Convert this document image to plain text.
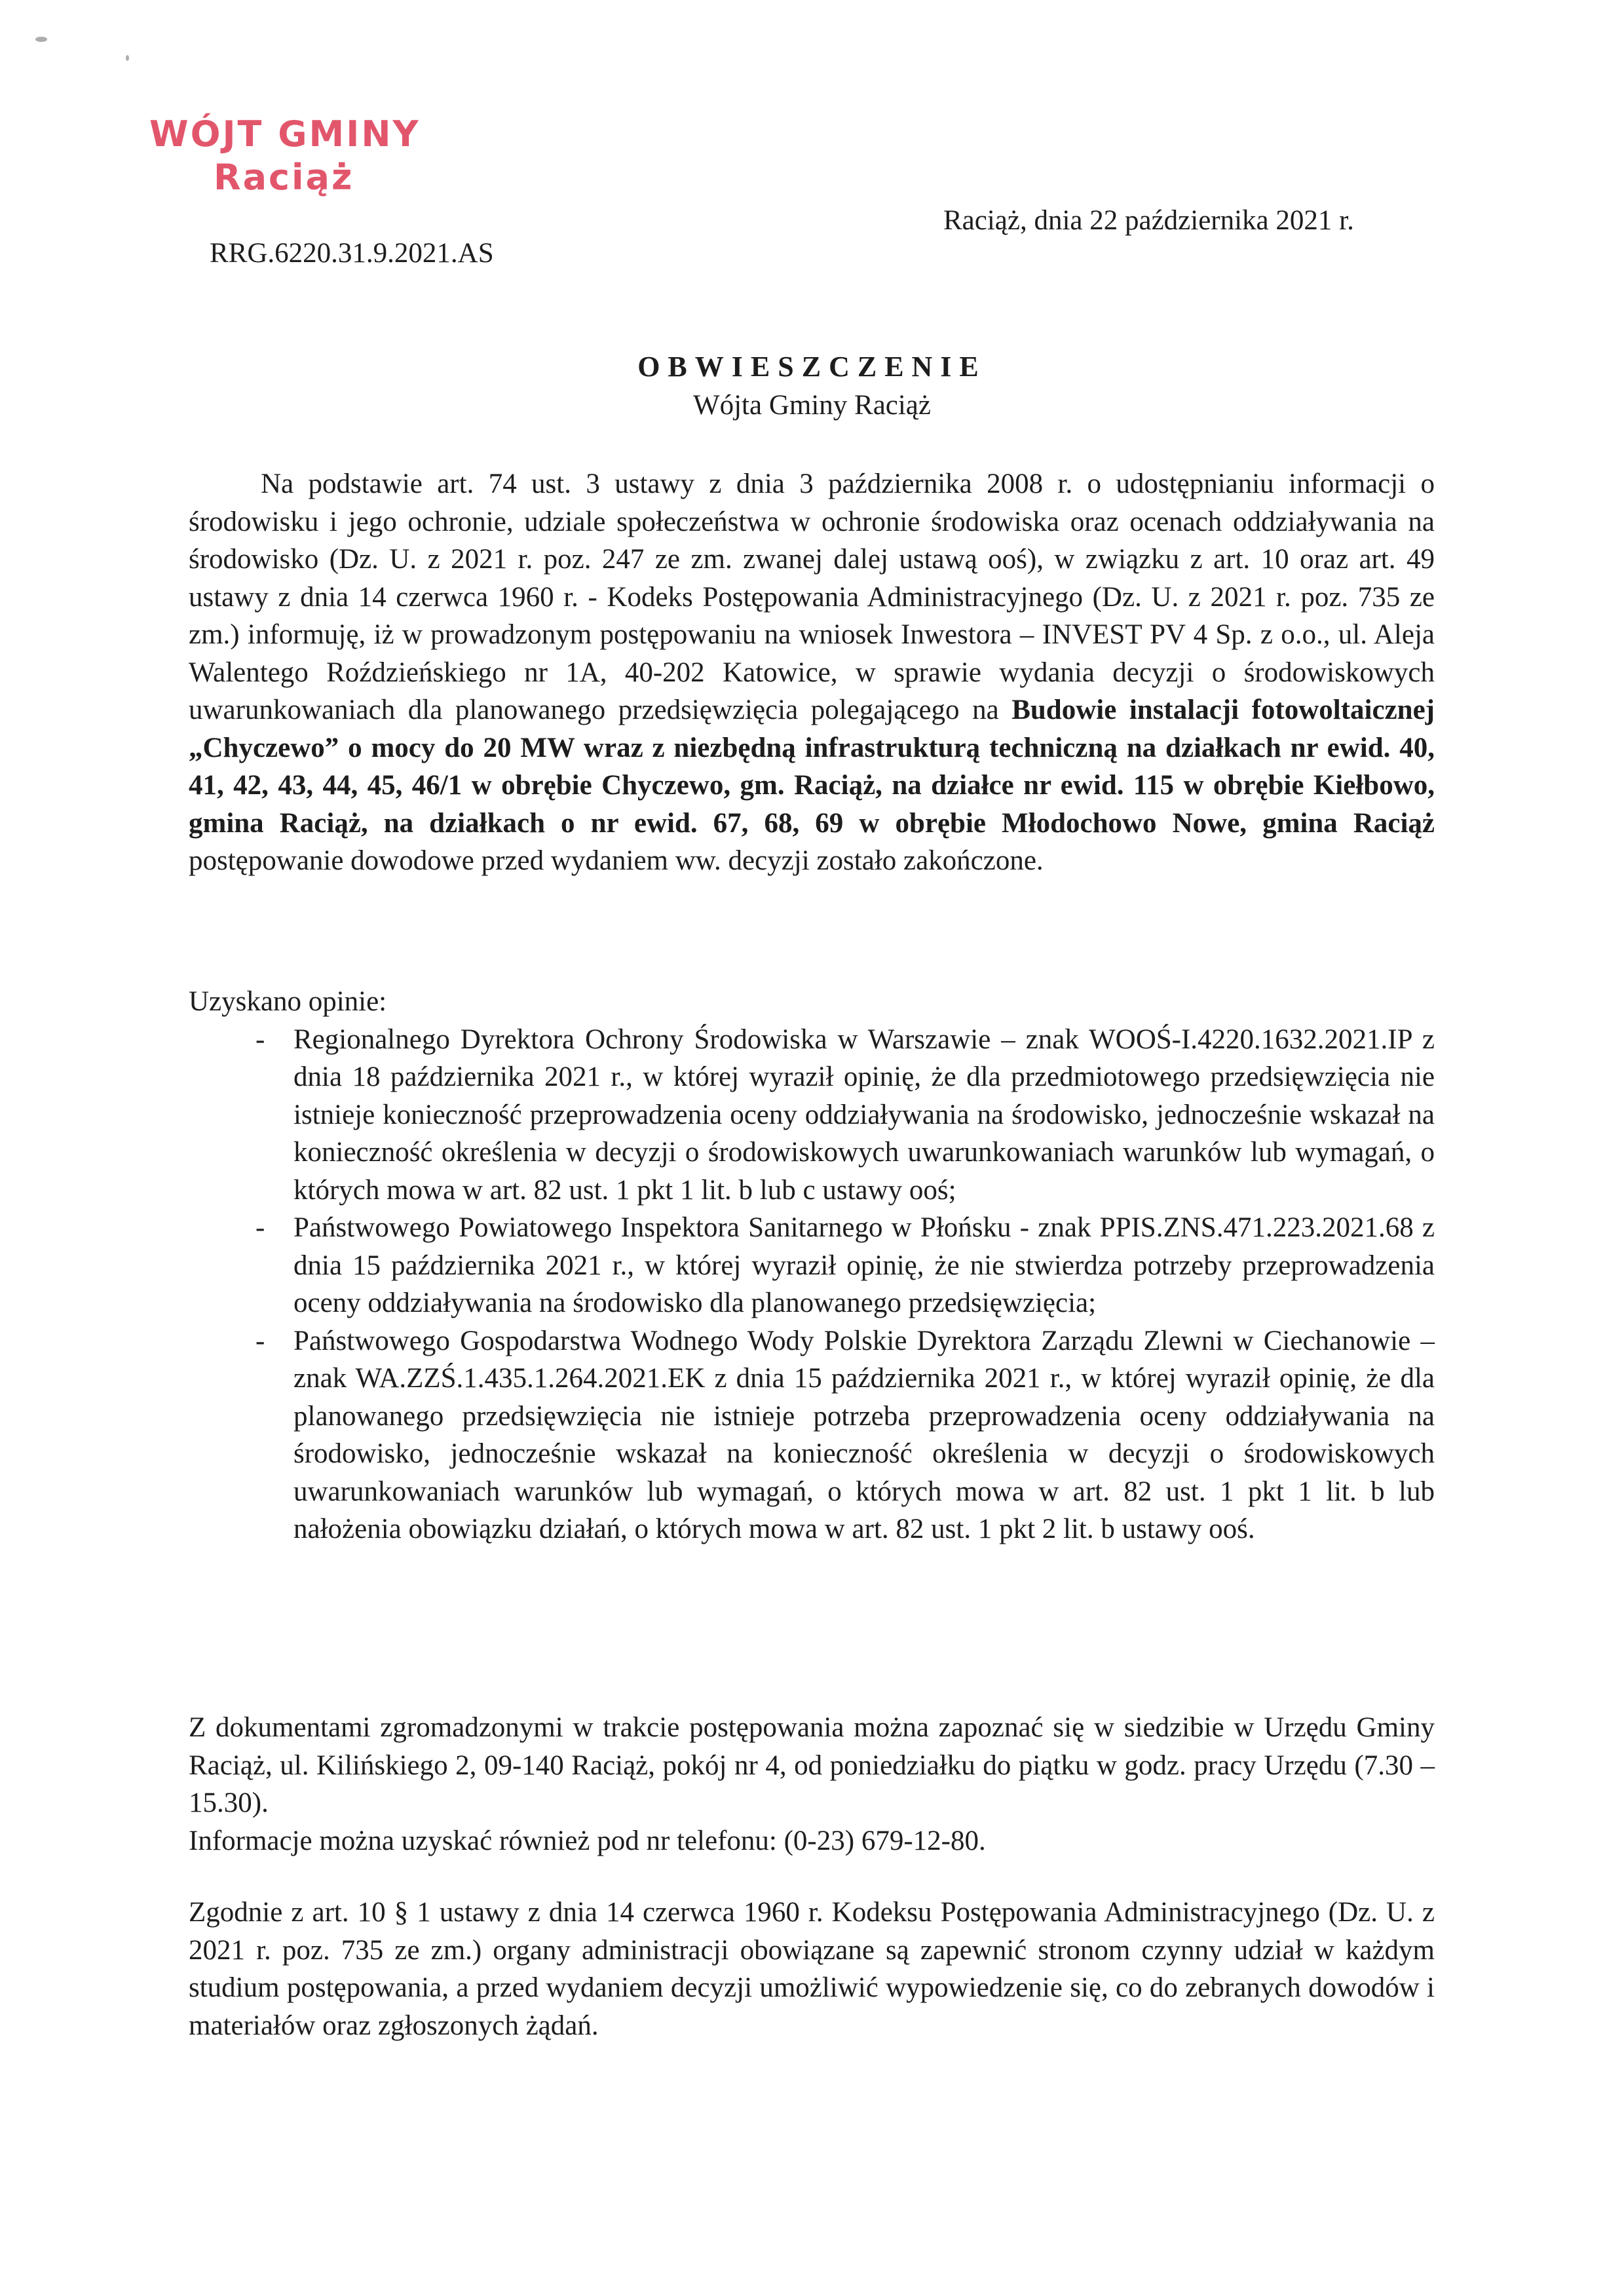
WÓJT GMINY
Raciąż
RRG.6220.31.9.2021.AS
Raciąż, dnia 22 października 2021 r.
OBWIESZCZENIE
Wójta Gminy Raciąż

Na podstawie art. 74 ust. 3 ustawy z dnia 3 października 2008 r. o udostępnianiu informacji o środowisku i jego ochronie, udziale społeczeństwa w ochronie środowiska oraz ocenach oddziaływania na środowisko (Dz. U. z 2021 r. poz. 247 ze zm. zwanej dalej ustawą ooś), w związku z art. 10 oraz art. 49 ustawy z dnia 14 czerwca 1960 r. - Kodeks Postępowania Administracyjnego (Dz. U. z 2021 r. poz. 735 ze zm.) informuję, iż w prowadzonym postępowaniu na wniosek Inwestora – INVEST PV 4 Sp. z o.o., ul. Aleja Walentego Roździeńskiego nr 1A, 40-202 Katowice, w sprawie wydania decyzji o środowiskowych uwarunkowaniach dla planowanego przedsięwzięcia polegającego na Budowie instalacji fotowoltaicznej „Chyczewo” o mocy do 20 MW wraz z niezbędną infrastrukturą techniczną na działkach nr ewid. 40, 41, 42, 43, 44, 45, 46/1 w obrębie Chyczewo, gm. Raciąż, na działce nr ewid. 115 w obrębie Kiełbowo, gmina Raciąż, na działkach o nr ewid. 67, 68, 69 w obrębie Młodochowo Nowe, gmina Raciąż postępowanie dowodowe przed wydaniem ww. decyzji zostało zakończone.

Uzyskano opinie:

- Regionalnego Dyrektora Ochrony Środowiska w Warszawie – znak WOOŚ-I.4220.1632.2021.IP z dnia 18 października 2021 r., w której wyraził opinię, że dla przedmiotowego przedsięwzięcia nie istnieje konieczność przeprowadzenia oceny oddziaływania na środowisko, jednocześnie wskazał na konieczność określenia w decyzji o środowiskowych uwarunkowaniach warunków lub wymagań, o których mowa w art. 82 ust. 1 pkt 1 lit. b lub c ustawy ooś;
- Państwowego Powiatowego Inspektora Sanitarnego w Płońsku - znak PPIS.ZNS.471.223.2021.68 z dnia 15 października 2021 r., w której wyraził opinię, że nie stwierdza potrzeby przeprowadzenia oceny oddziaływania na środowisko dla planowanego przedsięwzięcia;
- Państwowego Gospodarstwa Wodnego Wody Polskie Dyrektora Zarządu Zlewni w Ciechanowie – znak WA.ZZŚ.1.435.1.264.2021.EK z dnia 15 października 2021 r., w której wyraził opinię, że dla planowanego przedsięwzięcia nie istnieje potrzeba przeprowadzenia oceny oddziaływania na środowisko, jednocześnie wskazał na konieczność określenia w decyzji o środowiskowych uwarunkowaniach warunków lub wymagań, o których mowa w art. 82 ust. 1 pkt 1 lit. b lub nałożenia obowiązku działań, o których mowa w art. 82 ust. 1 pkt 2 lit. b ustawy ooś.

Z dokumentami zgromadzonymi w trakcie postępowania można zapoznać się w siedzibie w Urzędu Gminy Raciąż, ul. Kilińskiego 2, 09-140 Raciąż, pokój nr 4, od poniedziałku do piątku w godz. pracy Urzędu (7.30 – 15.30).

Informacje można uzyskać również pod nr telefonu: (0-23) 679-12-80.

Zgodnie z art. 10 § 1 ustawy z dnia 14 czerwca 1960 r. Kodeksu Postępowania Administracyjnego (Dz. U. z 2021 r. poz. 735 ze zm.) organy administracji obowiązane są zapewnić stronom czynny udział w każdym studium postępowania, a przed wydaniem decyzji umożliwić wypowiedzenie się, co do zebranych dowodów i materiałów oraz zgłoszonych żądań.
